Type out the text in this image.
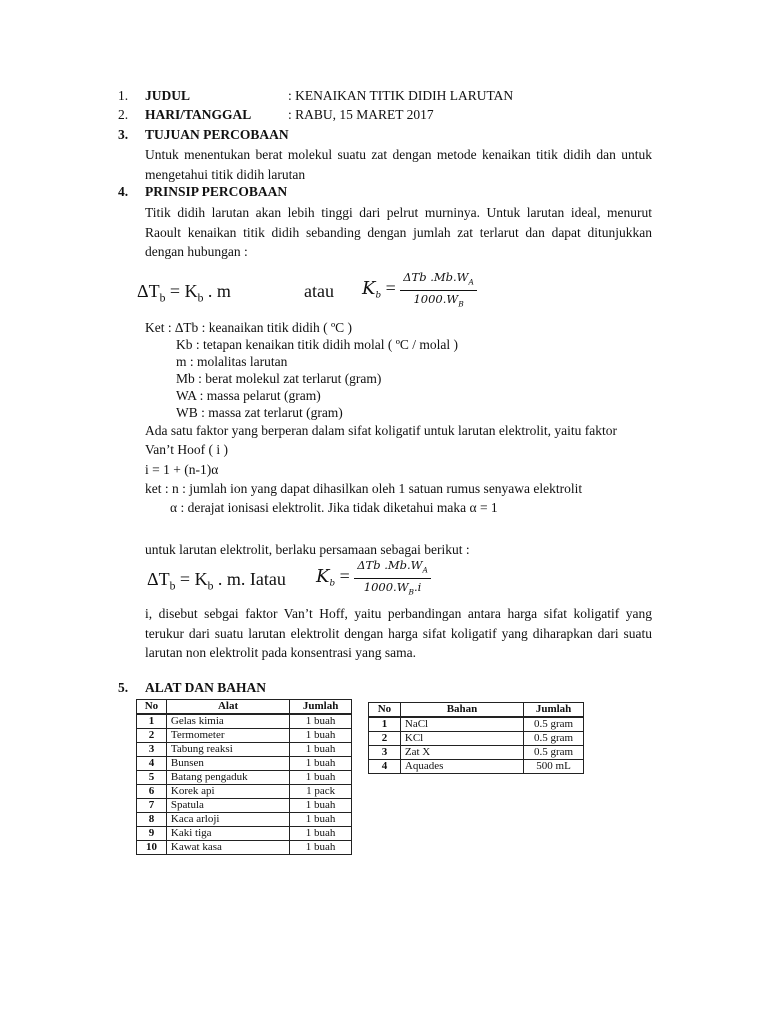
1. JUDUL	: KENAIKAN TITIK DIDIH LARUTAN
2. HARI/TANGGAL	: RABU, 15 MARET 2017
3. TUJUAN PERCOBAAN
Untuk menentukan berat molekul suatu zat dengan metode kenaikan titik didih dan untuk mengetahui titik didih larutan
4. PRINSIP PERCOBAAN
Titik didih larutan akan lebih tinggi dari pelrut murninya. Untuk larutan ideal, menurut Raoult kenaikan titik didih sebanding dengan jumlah zat terlarut dan dapat ditunjukkan dengan hubungan :
$\Delta T_b = K_b$ . m	atau $K_b = \frac{\Delta Tb .Mb.W_A}{1000.W_B}$
Ket : ∆Tb : keanaikan titik didih ( ºC )
Kb : tetapan kenaikan titik didih molal ( ºC / molal )
m : molalitas larutan
Mb : berat molekul zat terlarut (gram)
WA : massa pelarut (gram)
WB : massa zat terlarut (gram)
Ada satu faktor yang berperan dalam sifat koligatif untuk larutan elektrolit, yaitu faktor
Van’t Hoof ( i )
i = 1 + (n-1)α
ket : n : jumlah ion yang dapat dihasilkan oleh 1 satuan rumus senyawa elektrolit
α : derajat ionisasi elektrolit. Jika tidak diketahui maka α = 1
untuk larutan elektrolit, berlaku persamaan sebagai berikut :
$\Delta T_b = K_b$ . m. Iatau $K_b = \frac{\Delta Tb .Mb.W_A}{1000.W_B.i}$
i, disebut sebgai faktor Van’t Hoff, yaitu perbandingan antara harga sifat koligatif yang terukur dari suatu larutan elektrolit dengan harga sifat koligatif yang diharapkan dari suatu larutan non elektrolit pada konsentrasi yang sama.
5. ALAT DAN BAHAN
No	Alat	Jumlah
1	Gelas kimia	1 buah
2	Termometer	1 buah
3	Tabung reaksi	1 buah
4	Bunsen	1 buah
5	Batang pengaduk	1 buah
6	Korek api	1 pack
7	Spatula	1 buah
8	Kaca arloji	1 buah
9	Kaki tiga	1 buah
10	Kawat kasa	1 buah
No	Bahan	Jumlah
1	NaCl	0.5 gram
2	KCl	0.5 gram
3	Zat X	0.5 gram
4	Aquades	500 mL
